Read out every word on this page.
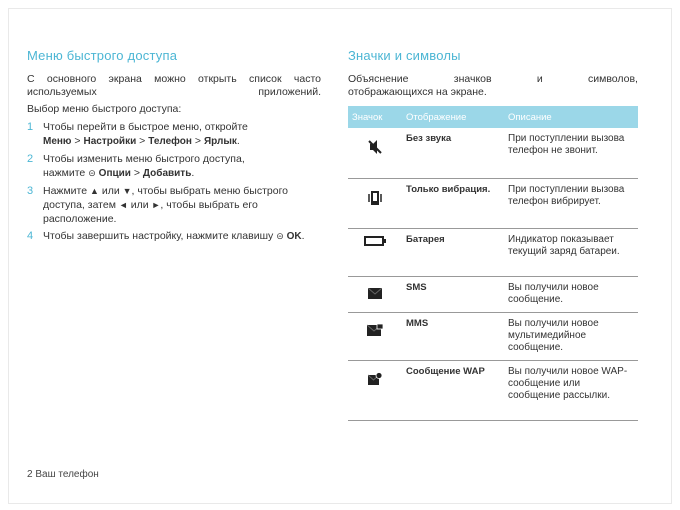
Меню быстрого доступа

С основного экрана можно открыть список часто используемых приложений.

Выбор меню быстрого доступа:

1 Чтобы перейти в быстрое меню, откройте
Меню > Настройки > Телефон > Ярлык.
2 Чтобы изменить меню быстрого доступа,
нажмите ⊝ Опции > Добавить.
3 Нажмите ▲ или ▼, чтобы выбрать меню быстрого доступа, затем ◄ или ►, чтобы выбрать его расположение.
4 Чтобы завершить настройку, нажмите клавишу ⊝ OK.
Значки и символы
Объяснение	значков	и	символов,
отображающихся на экране.
Значок	Отображение	Описание
	Без звука	При поступлении вызова телефон не звонит.
	Только вибрация.	При поступлении вызова телефон вибрирует.
	Батарея	Индикатор показывает текущий заряд батареи.
	SMS	Вы получили новое сообщение.
	MMS	Вы получили новое мультимедийное сообщение.
	Сообщение WAP	Вы получили новое WAP-сообщение или сообщение рассылки.
2 Ваш телефон
